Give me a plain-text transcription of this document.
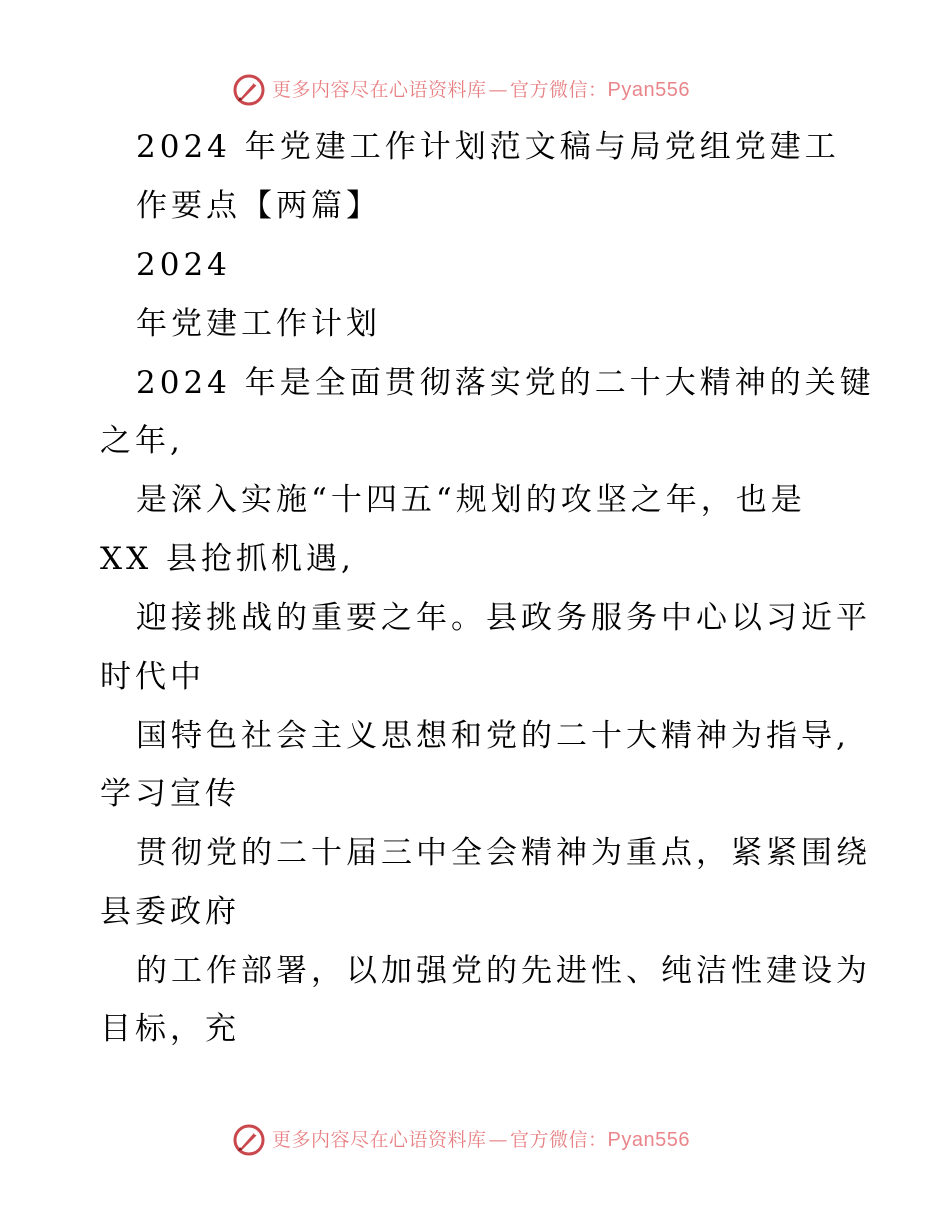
更多内容尽在心语资料库 — 官方微信：Pyan556
2024 年党建工作计划范文稿与局党组党建工
作要点【两篇】
2024
年党建工作计划
2024 年是全面贯彻落实党的二十大精神的关键
之年,
是深入实施“十四五“规划的攻坚之年，也是
XX 县抢抓机遇,
迎接挑战的重要之年。县政务服务中心以习近平
时代中
国特色社会主义思想和党的二十大精神为指导,
学习宣传
贯彻党的二十届三中全会精神为重点，紧紧围绕
县委政府
的工作部署，以加强党的先进性、纯洁性建设为
目标，充
更多内容尽在心语资料库 — 官方微信：Pyan556
